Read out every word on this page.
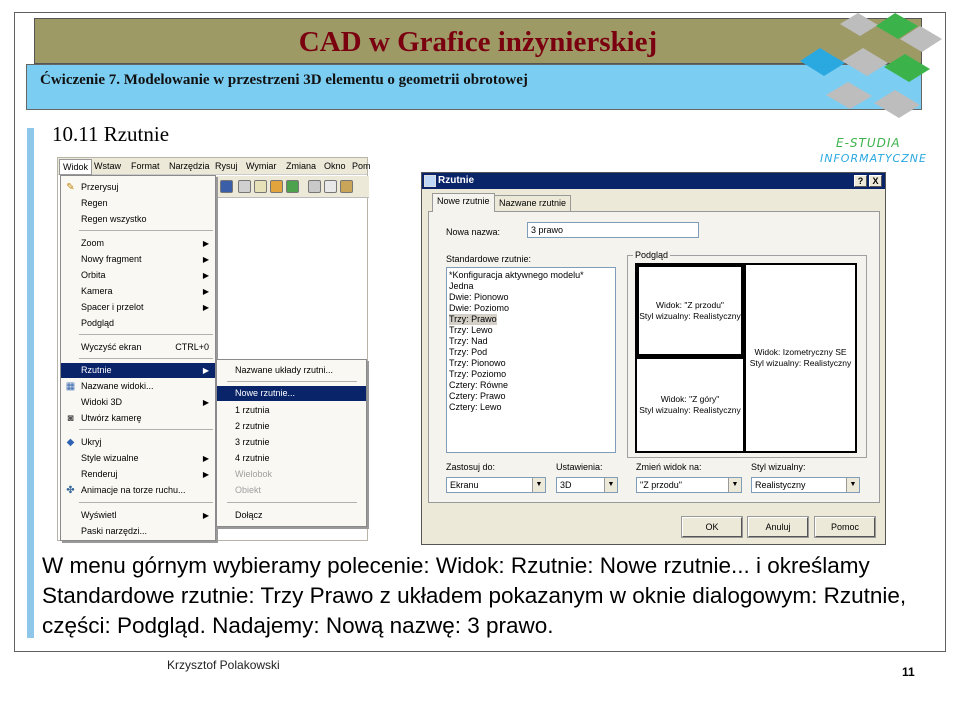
CAD w Grafice inżynierskiej
Ćwiczenie 7. Modelowanie w przestrzeni 3D elementu o geometrii obrotowej
E-STUDIA
INFORMATYCZNE
10.11 Rzutnie
Widok Wstaw Format Narzędzia Rysuj Wymiar Zmiana Okno Pom
✎ Przerysuj
Regen
Regen wszystko
Zoom	▶
Nowy fragment	▶
Orbita	▶
Kamera	▶
Spacer i przelot	▶
Podgląd
Wyczyść ekran	CTRL+0
Rzutnie	▶
▦ Nazwane widoki...
Widoki 3D	▶
◙ Utwórz kamerę
◆ Ukryj
Style wizualne	▶
Renderuj	▶
✤ Animacje na torze ruchu...
Wyświetl	▶
Paski narzędzi...
Nazwane układy rzutni...
Nowe rzutnie...
1 rzutnia
2 rzutnie
3 rzutnie
4 rzutnie
Wielobok
Obiekt
Dołącz
Rzutnie	?	X
Nowe rzutnie	Nazwane rzutnie
Nowa nazwa:	3 prawo
Standardowe rzutnie:
*Konfiguracja aktywnego modelu*
Jedna
Dwie: Pionowo
Dwie: Poziomo
Trzy: Prawo
Trzy: Lewo
Trzy: Nad
Trzy: Pod
Trzy: Pionowo
Trzy: Poziomo
Cztery: Równe
Cztery: Prawo
Cztery: Lewo
Podgląd
Widok: "Z przodu"
Styl wizualny: Realistyczny
Widok: "Z góry"
Styl wizualny: Realistyczny
Widok: Izometryczny SE
Styl wizualny: Realistyczny
Zastosuj do:
Ekranu	▼
Ustawienia:
3D	▼
Zmień widok na:
"Z przodu"	▼
Styl wizualny:
Realistyczny	▼
OK	Anuluj	Pomoc
W menu górnym wybieramy polecenie: Widok: Rzutnie: Nowe rzutnie... i określamy Standardowe rzutnie: Trzy Prawo z układem pokazanym w oknie dialogowym: Rzutnie, części: Podgląd. Nadajemy: Nową nazwę: 3 prawo.
Krzysztof Polakowski	11
